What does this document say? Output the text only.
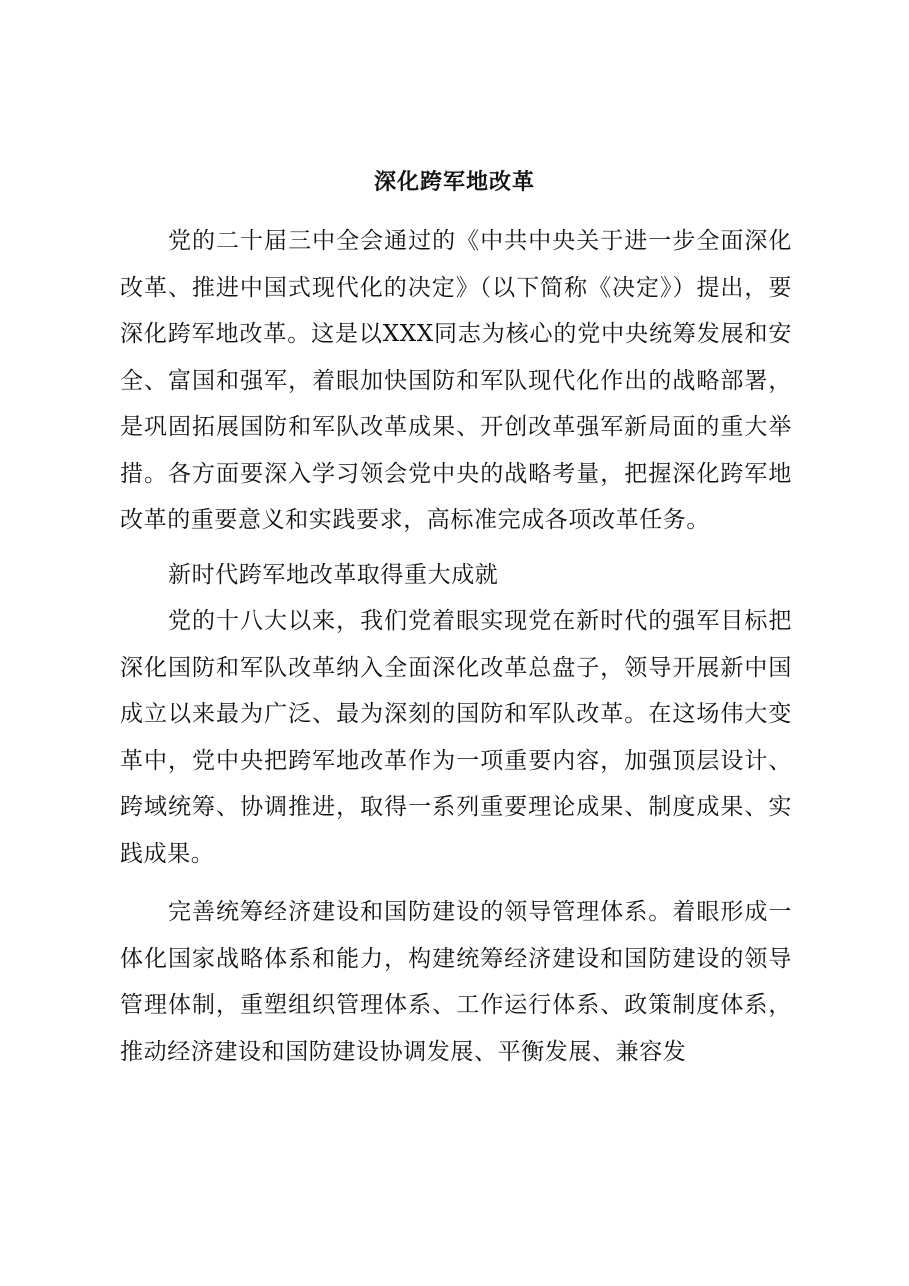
深化跨军地改革

党的二十届三中全会通过的《中共中央关于进一步全面深化改革、推进中国式现代化的决定》（以下简称《决定》）提出，要深化跨军地改革。这是以XXX同志为核心的党中央统筹发展和安全、富国和强军，着眼加快国防和军队现代化作出的战略部署，是巩固拓展国防和军队改革成果、开创改革强军新局面的重大举措。各方面要深入学习领会党中央的战略考量，把握深化跨军地改革的重要意义和实践要求，高标准完成各项改革任务。

新时代跨军地改革取得重大成就

党的十八大以来，我们党着眼实现党在新时代的强军目标把深化国防和军队改革纳入全面深化改革总盘子，领导开展新中国成立以来最为广泛、最为深刻的国防和军队改革。在这场伟大变革中，党中央把跨军地改革作为一项重要内容，加强顶层设计、跨域统筹、协调推进，取得一系列重要理论成果、制度成果、实践成果。

完善统筹经济建设和国防建设的领导管理体系。着眼形成一体化国家战略体系和能力，构建统筹经济建设和国防建设的领导管理体制，重塑组织管理体系、工作运行体系、政策制度体系，推动经济建设和国防建设协调发展、平衡发展、兼容发
